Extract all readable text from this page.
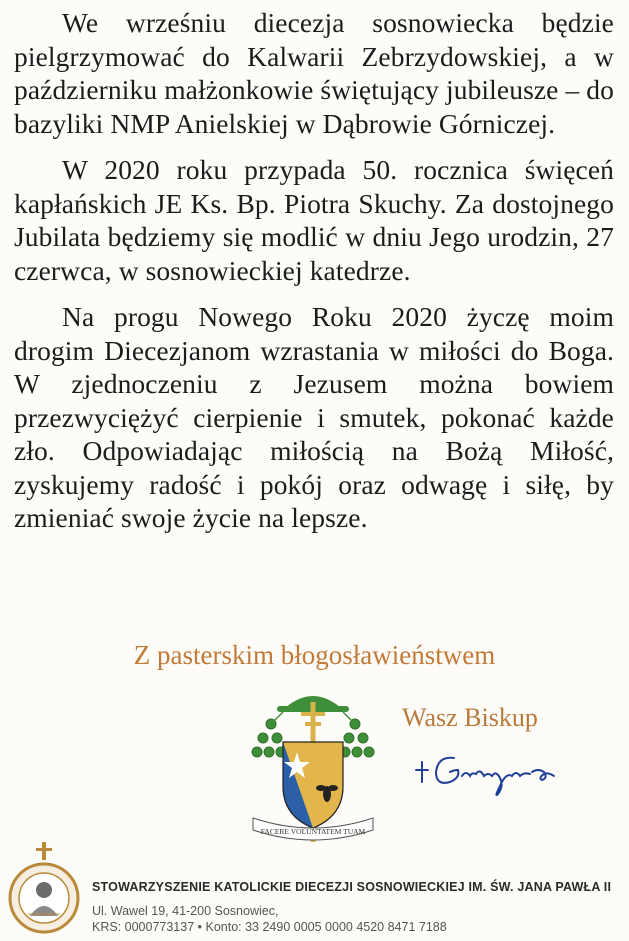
We wrześniu diecezja sosnowiecka będzie pielgrzymować do Kalwarii Zebrzydowskiej, a w październiku małżonkowie świętujący jubileusze – do bazyliki NMP Anielskiej w Dąbrowie Górniczej.

W 2020 roku przypada 50. rocznica święceń kapłańskich JE Ks. Bp. Piotra Skuchy. Za dostojnego Jubilata będziemy się modlić w dniu Jego urodzin, 27 czerwca, w sosnowieckiej katedrze.

Na progu Nowego Roku 2020 życzę moim drogim Diecezjanom wzrastania w miłości do Boga. W zjednoczeniu z Jezusem można bowiem przezwyciężyć cierpienie i smutek, pokonać każde zło. Odpowiadając miłością na Bożą Miłość, zyskujemy radość i pokój oraz odwagę i siłę, by zmieniać swoje życie na lepsze.

Z pasterskim błogosławieństwem
FACERE VOLUNTATEM TUAM
Wasz Biskup
STOWARZYSZENIE KATOLICKIE DIECEZJI SOSNOWIECKIEJ IM. ŚW. JANA PAWŁA II
Ul. Wawel 19, 41-200 Sosnowiec,
KRS: 0000773137 • Konto: 33 2490 0005 0000 4520 8471 7188
